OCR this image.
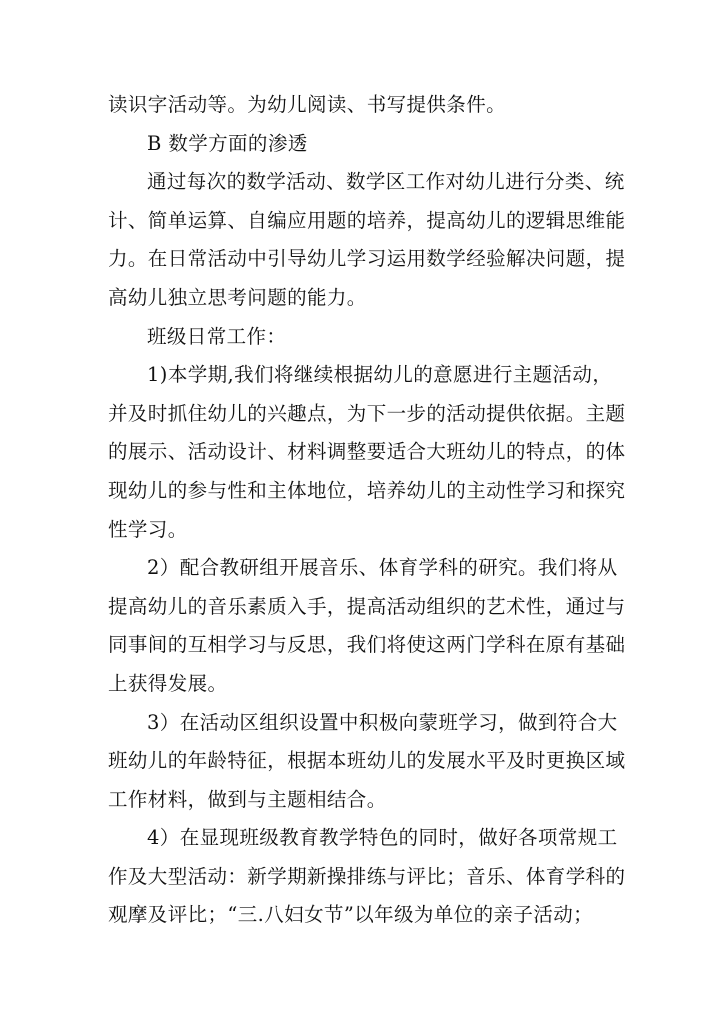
读识字活动等。为幼儿阅读、书写提供条件。
B 数学方面的渗透
通过每次的数学活动、数学区工作对幼儿进行分类、统
计、简单运算、自编应用题的培养，提高幼儿的逻辑思维能
力。在日常活动中引导幼儿学习运用数学经验解决问题，提
高幼儿独立思考问题的能力。
班级日常工作：
1)本学期,我们将继续根据幼儿的意愿进行主题活动，
并及时抓住幼儿的兴趣点，为下一步的活动提供依据。主题
的展示、活动设计、材料调整要适合大班幼儿的特点，的体
现幼儿的参与性和主体地位，培养幼儿的主动性学习和探究
性学习。
2）配合教研组开展音乐、体育学科的研究。我们将从
提高幼儿的音乐素质入手，提高活动组织的艺术性，通过与
同事间的互相学习与反思，我们将使这两门学科在原有基础
上获得发展。
3）在活动区组织设置中积极向蒙班学习，做到符合大
班幼儿的年龄特征，根据本班幼儿的发展水平及时更换区域
工作材料，做到与主题相结合。
4）在显现班级教育教学特色的同时，做好各项常规工
作及大型活动：新学期新操排练与评比；音乐、体育学科的
观摩及评比；“三.八妇女节”以年级为单位的亲子活动；
